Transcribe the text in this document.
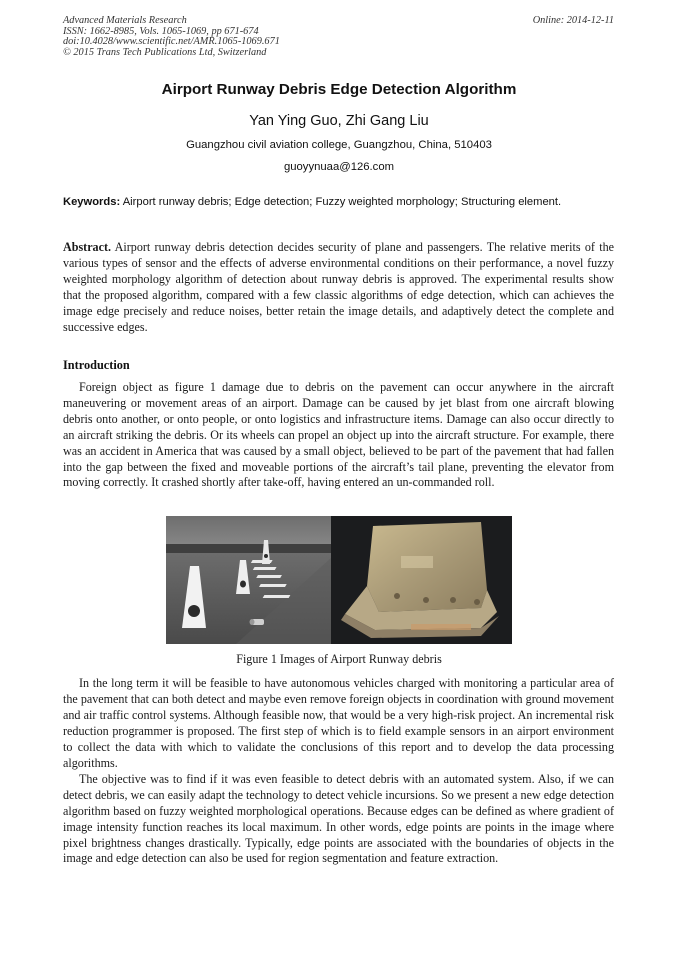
Advanced Materials Research
ISSN: 1662-8985, Vols. 1065-1069, pp 671-674
doi:10.4028/www.scientific.net/AMR.1065-1069.671
© 2015 Trans Tech Publications Ltd, Switzerland
Online: 2014-12-11
Airport Runway Debris Edge Detection Algorithm
Yan Ying Guo, Zhi Gang Liu
Guangzhou civil aviation college, Guangzhou, China, 510403
guoyynuaa@126.com
Keywords: Airport runway debris; Edge detection; Fuzzy weighted morphology; Structuring element.
Abstract. Airport runway debris detection decides security of plane and passengers. The relative merits of the various types of sensor and the effects of adverse environmental conditions on their performance, a novel fuzzy weighted morphology algorithm of detection about runway debris is approved. The experimental results show that the proposed algorithm, compared with a few classic algorithms of edge detection, which can achieves the image edge precisely and reduce noises, better retain the image details, and adaptively detect the complete and successive edges.
Introduction

Foreign object as figure 1 damage due to debris on the pavement can occur anywhere in the aircraft maneuvering or movement areas of an airport. Damage can be caused by jet blast from one aircraft blowing debris onto another, or onto people, or onto logistics and infrastructure items. Damage can also occur directly to an aircraft striking the debris. Or its wheels can propel an object up into the aircraft structure. For example, there was an accident in America that was caused by a small object, believed to be part of the pavement that had fallen into the gap between the fixed and moveable portions of the aircraft’s tail plane, preventing the elevator from moving correctly. It crashed shortly after take-off, having entered an un-commanded roll.

Figure 1 Images of Airport Runway debris

In the long term it will be feasible to have autonomous vehicles charged with monitoring a particular area of the pavement that can both detect and maybe even remove foreign objects in coordination with ground movement and air traffic control systems. Although feasible now, that would be a very high-risk project. An incremental risk reduction programmer is proposed. The first step of which is to field example sensors in an airport environment to collect the data with which to validate the conclusions of this report and to develop the data processing algorithms.

The objective was to find if it was even feasible to detect debris with an automated system. Also, if we can detect debris, we can easily adapt the technology to detect vehicle incursions. So we present a new edge detection algorithm based on fuzzy weighted morphological operations. Because edges can be defined as where gradient of image intensity function reaches its local maximum. In other words, edge points are points in the image where pixel brightness changes drastically. Typically, edge points are associated with the boundaries of objects in the image and edge detection can also be used for region segmentation and feature extraction.
